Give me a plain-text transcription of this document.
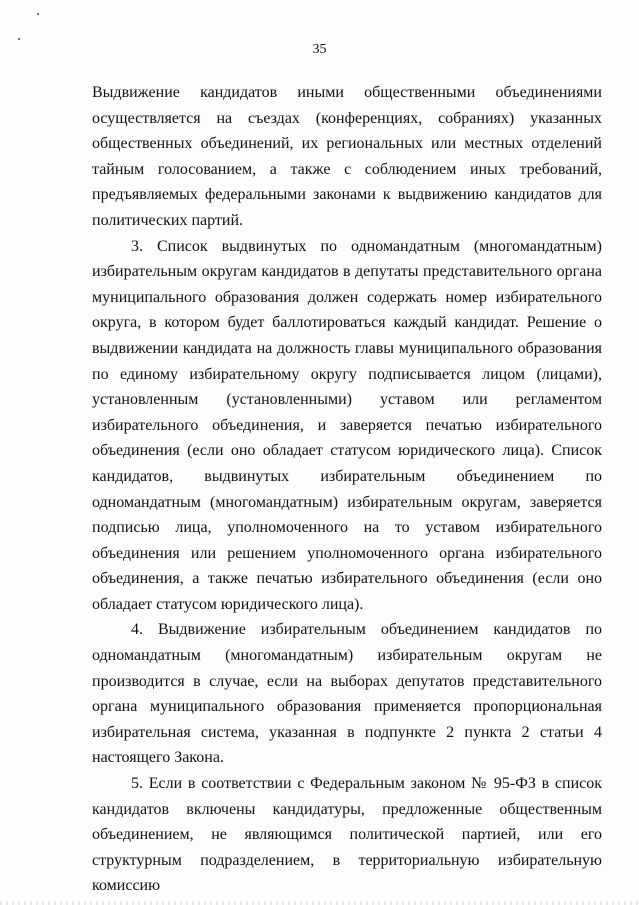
35

Выдвижение кандидатов иными общественными объединениями осуществляется на съездах (конференциях, собраниях) указанных общественных объединений, их региональных или местных отделений тайным голосованием, а также с соблюдением иных требований, предъявляемых федеральными законами к выдвижению кандидатов для политических партий.

3. Список выдвинутых по одномандатным (многомандатным) избирательным округам кандидатов в депутаты представительного органа муниципального образования должен содержать номер избирательного округа, в котором будет баллотироваться каждый кандидат. Решение о выдвижении кандидата на должность главы муниципального образования по единому избирательному округу подписывается лицом (лицами), установленным (установленными) уставом или регламентом избирательного объединения, и заверяется печатью избирательного объединения (если оно обладает статусом юридического лица). Список кандидатов, выдвинутых избирательным объединением по одномандатным (многомандатным) избирательным округам, заверяется подписью лица, уполномоченного на то уставом избирательного объединения или решением уполномоченного органа избирательного объединения, а также печатью избирательного объединения (если оно обладает статусом юридического лица).

4. Выдвижение избирательным объединением кандидатов по одномандатным (многомандатным) избирательным округам не производится в случае, если на выборах депутатов представительного органа муниципального образования применяется пропорциональная избирательная система, указанная в подпункте 2 пункта 2 статьи 4 настоящего Закона.

5. Если в соответствии с Федеральным законом № 95-ФЗ в список кандидатов включены кандидатуры, предложенные общественным объединением, не являющимся политической партией, или его структурным подразделением, в территориальную избирательную комиссию
